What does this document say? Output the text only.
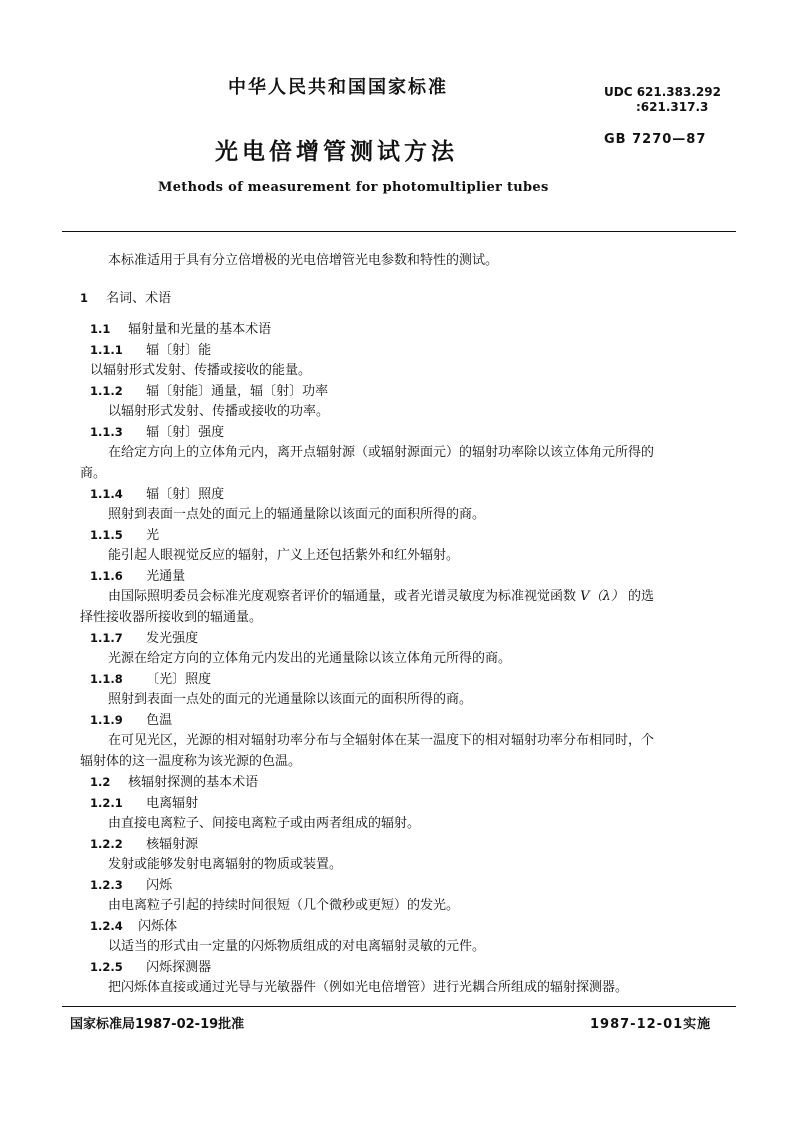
中华人民共和国国家标准	UDC 621.383.292
:621.317.3
光电倍增管测试方法	GB 7270—87
Methods of measurement for photomultiplier tubes
本标准适用于具有分立倍增极的光电倍增管光电参数和特性的测试。
1 名词、术语
1.1 辐射量和光量的基本术语
1.1.1 辐〔射〕能
以辐射形式发射、传播或接收的能量。
1.1.2 辐〔射能〕通量，辐〔射〕功率
以辐射形式发射、传播或接收的功率。
1.1.3 辐〔射〕强度
在给定方向上的立体角元内，离开点辐射源（或辐射源面元）的辐射功率除以该立体角元所得的
商。
1.1.4 辐〔射〕照度
照射到表面一点处的面元上的辐通量除以该面元的面积所得的商。
1.1.5 光
能引起人眼视觉反应的辐射，广义上还包括紫外和红外辐射。
1.1.6 光通量
由国际照明委员会标准光度观察者评价的辐通量，或者光谱灵敏度为标准视觉函数 V（λ） 的选
择性接收器所接收到的辐通量。
1.1.7 发光强度
光源在给定方向的立体角元内发出的光通量除以该立体角元所得的商。
1.1.8 〔光〕照度
照射到表面一点处的面元的光通量除以该面元的面积所得的商。
1.1.9 色温
在可见光区，光源的相对辐射功率分布与全辐射体在某一温度下的相对辐射功率分布相同时，个
辐射体的这一温度称为该光源的色温。
1.2 核辐射探测的基本术语
1.2.1 电离辐射
由直接电离粒子、间接电离粒子或由两者组成的辐射。
1.2.2 核辐射源
发射或能够发射电离辐射的物质或装置。
1.2.3 闪烁
由电离粒子引起的持续时间很短（几个微秒或更短）的发光。
1.2.4 闪烁体
以适当的形式由一定量的闪烁物质组成的对电离辐射灵敏的元件。
1.2.5 闪烁探测器
把闪烁体直接或通过光导与光敏器件（例如光电倍增管）进行光耦合所组成的辐射探测器。
国家标准局1987-02-19批准	1987-12-01实施
